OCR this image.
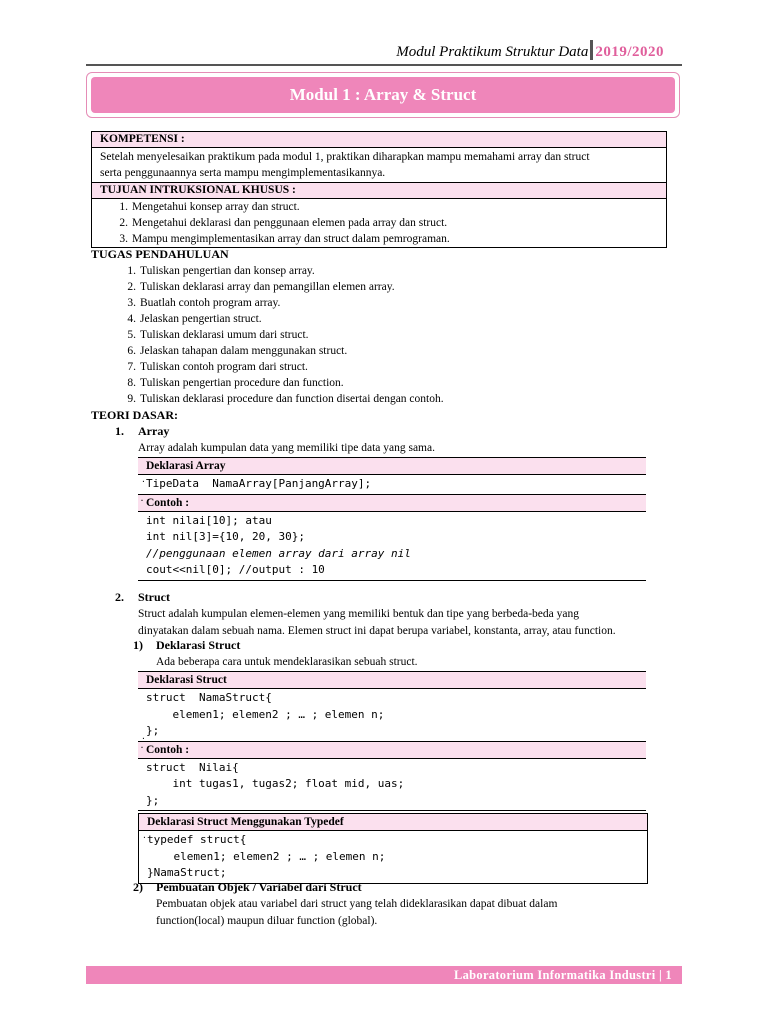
Modul Praktikum Struktur Data 2019/2020
Modul 1 : Array & Struct
KOMPETENSI :
Setelah menyelesaikan praktikum pada modul 1, praktikan diharapkan mampu memahami array dan struct
serta penggunaannya serta mampu mengimplementasikannya.
TUJUAN INTRUKSIONAL KHUSUS :
1. Mengetahui konsep array dan struct.
2. Mengetahui deklarasi dan penggunaan elemen pada array dan struct.
3. Mampu mengimplementasikan array dan struct dalam pemrograman.
TUGAS PENDAHULUAN
1. Tuliskan pengertian dan konsep array.
2. Tuliskan deklarasi array dan pemangillan elemen array.
3. Buatlah contoh program array.
4. Jelaskan pengertian struct.
5. Tuliskan deklarasi umum dari struct.
6. Jelaskan tahapan dalam menggunakan struct.
7. Tuliskan contoh program dari struct.
8. Tuliskan pengertian procedure dan function.
9. Tuliskan deklarasi procedure dan function disertai dengan contoh.
TEORI DASAR:
1. Array
Array adalah kumpulan data yang memiliki tipe data yang sama.
Deklarasi Array
. TipeData  NamaArray[PanjangArray];
. Contoh :
int nilai[10]; atau
int nil[3]={10, 20, 30};
//penggunaan elemen array dari array nil
cout<<nil[0]; //output : 10
2. Struct
Struct adalah kumpulan elemen-elemen yang memiliki bentuk dan tipe yang berbeda-beda yang
dinyatakan dalam sebuah nama. Elemen struct ini dapat berupa variabel, konstanta, array, atau function.
1) Deklarasi Struct
Ada beberapa cara untuk mendeklarasikan sebuah struct.
Deklarasi Struct
struct  NamaStruct{
elemen1; elemen2 ; … ; elemen n;
};
.
. Contoh :
struct  Nilai{
int tugas1, tugas2; float mid, uas;
};
Deklarasi Struct Menggunakan Typedef
. typedef struct{
elemen1; elemen2 ; … ; elemen n;
}NamaStruct;
2) Pembuatan Objek / Variabel dari Struct
Pembuatan objek atau variabel dari struct yang telah dideklarasikan dapat dibuat dalam
function(local) maupun diluar function (global).
Laboratorium Informatika Industri | 1
